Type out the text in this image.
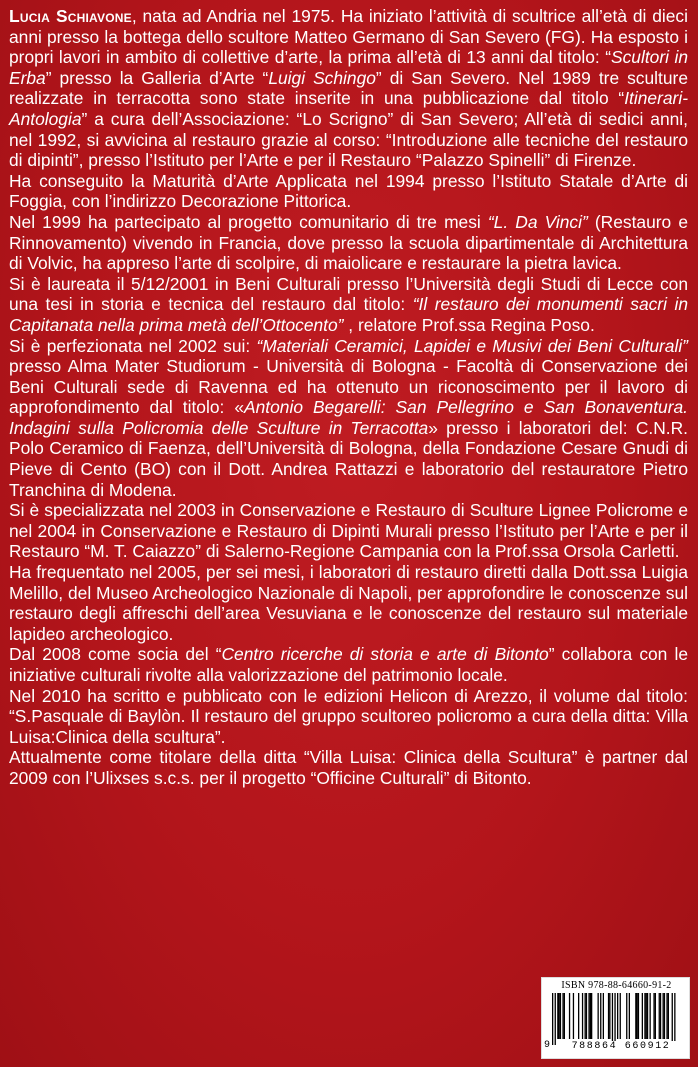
Lucia Schiavone, nata ad Andria nel 1975. Ha iniziato l’attività di scultrice all’età di dieci anni presso la bottega dello scultore Matteo Germano di San Severo (FG). Ha esposto i propri lavori in ambito di collettive d’arte, la prima all’età di 13 anni dal titolo: “Scultori in Erba” presso la Galleria d’Arte “Luigi Schingo” di San Severo. Nel 1989 tre sculture realizzate in terracotta sono state inserite in una pubblicazione dal titolo “Itinerari-Antologia” a cura dell’Associazione: “Lo Scrigno” di San Severo; All’età di sedici anni, nel 1992, si avvicina al restauro grazie al corso: “Introduzione alle tecniche del restauro di dipinti”, presso l’Istituto per l’Arte e per il Restauro “Palazzo Spinelli” di Firenze.

Ha conseguito la Maturità d’Arte Applicata nel 1994 presso l’Istituto Statale d’Arte di Foggia, con l’indirizzo Decorazione Pittorica.

Nel 1999 ha partecipato al progetto comunitario di tre mesi “L. Da Vinci” (Restauro e Rinnovamento) vivendo in Francia, dove presso la scuola dipartimentale di Architettura di Volvic, ha appreso l’arte di scolpire, di maiolicare e restaurare la pietra lavica.

Si è laureata il 5/12/2001 in Beni Culturali presso l’Università degli Studi di Lecce con una tesi in storia e tecnica del restauro dal titolo: “Il restauro dei monumenti sacri in Capitanata nella prima metà dell’Ottocento” , relatore Prof.ssa Regina Poso.

Si è perfezionata nel 2002 sui: “Materiali Ceramici, Lapidei e Musivi dei Beni Culturali” presso Alma Mater Studiorum - Università di Bologna - Facoltà di Conservazione dei Beni Culturali sede di Ravenna ed ha ottenuto un riconoscimento per il lavoro di approfondimento dal titolo: «Antonio Begarelli: San Pellegrino e San Bonaventura. Indagini sulla Policromia delle Sculture in Terracotta» presso i laboratori del: C.N.R. Polo Ceramico di Faenza, dell’Università di Bologna, della Fondazione Cesare Gnudi di Pieve di Cento (BO) con il Dott. Andrea Rattazzi e laboratorio del restauratore Pietro Tranchina di Modena.

Si è specializzata nel 2003 in Conservazione e Restauro di Sculture Lignee Policrome e nel 2004 in Conservazione e Restauro di Dipinti Murali presso l’Istituto per l’Arte e per il Restauro “M. T. Caiazzo” di Salerno-Regione Campania con la Prof.ssa Orsola Carletti.

Ha frequentato nel 2005, per sei mesi, i laboratori di restauro diretti dalla Dott.ssa Luigia Melillo, del Museo Archeologico Nazionale di Napoli, per approfondire le conoscenze sul restauro degli affreschi dell’area Vesuviana e le conoscenze del restauro sul materiale lapideo archeologico.

Dal 2008 come socia del “Centro ricerche di storia e arte di Bitonto” collabora con le iniziative culturali rivolte alla valorizzazione del patrimonio locale.

Nel 2010 ha scritto e pubblicato con le edizioni Helicon di Arezzo, il volume dal titolo: “S.Pasquale di Baylòn. Il restauro del gruppo scultoreo policromo a cura della ditta: Villa Luisa:Clinica della scultura”.

Attualmente come titolare della ditta “Villa Luisa: Clinica della Scultura” è partner dal 2009 con l’Ulixses s.c.s. per il progetto “Officine Culturali” di Bitonto.

ISBN 978-88-64660-91-2
9	788864 660912
